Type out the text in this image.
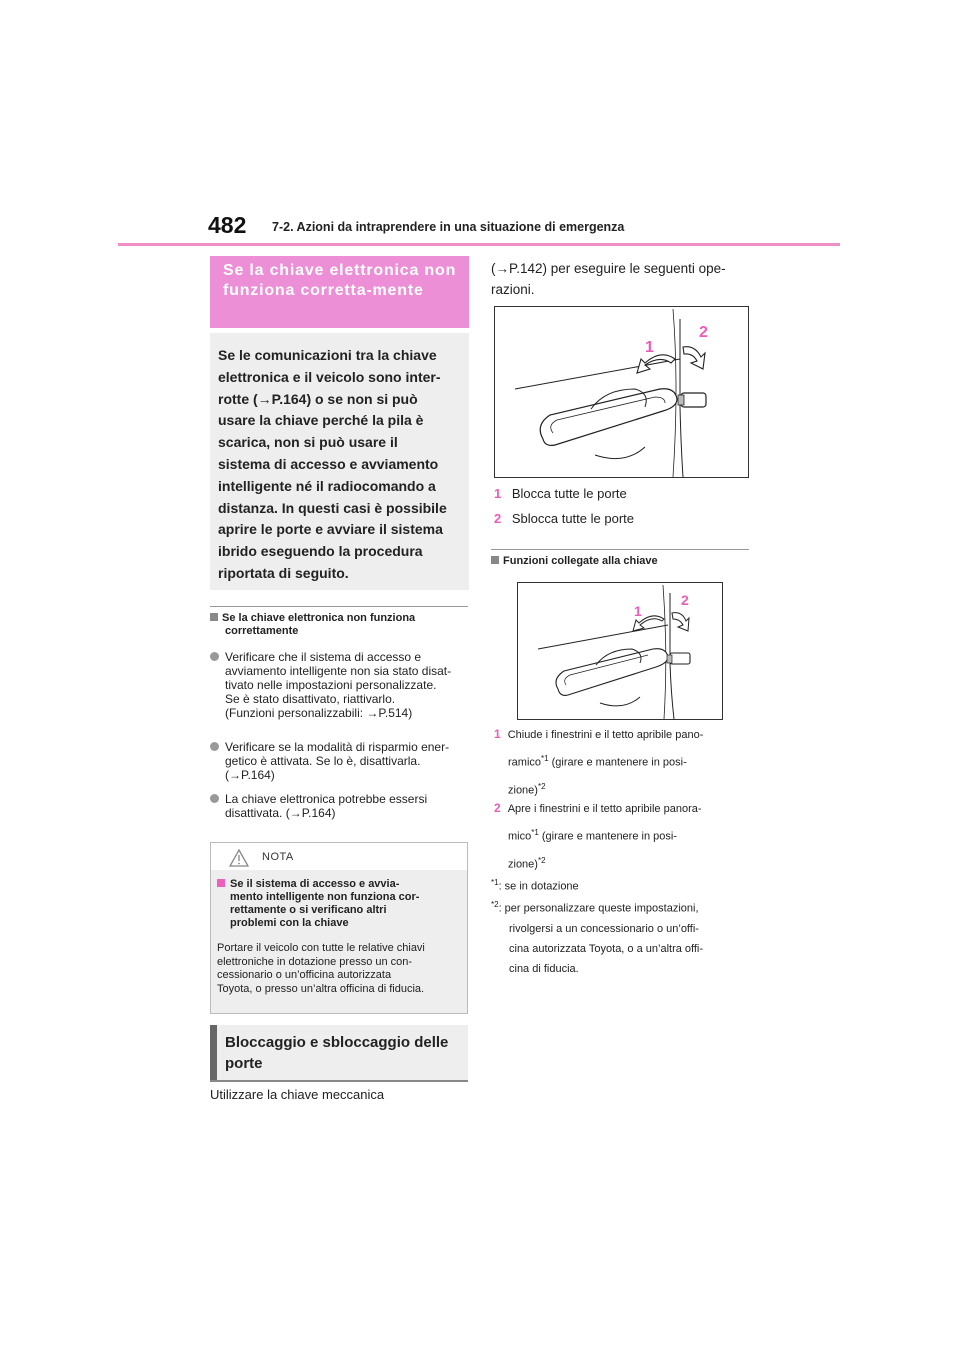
482 7-2. Azioni da intraprendere in una situazione di emergenza
Se la chiave elettronica non funziona corretta-mente
Se le comunicazioni tra la chiave
elettronica e il veicolo sono inter-
rotte (→P.164) o se non si può
usare la chiave perché la pila è
scarica, non si può usare il
sistema di accesso e avviamento
intelligente né il radiocomando a
distanza. In questi casi è possibile
aprire le porte e avviare il sistema
ibrido eseguendo la procedura
riportata di seguito.
Se la chiave elettronica non funziona
correttamente
Verificare che il sistema di accesso e
avviamento intelligente non sia stato disat-
tivato nelle impostazioni personalizzate.
Se è stato disattivato, riattivarlo.
(Funzioni personalizzabili: →P.514)
Verificare se la modalità di risparmio ener-
getico è attivata. Se lo è, disattivarla.
(→P.164)
La chiave elettronica potrebbe essersi
disattivata. (→P.164)
NOTA
Se il sistema di accesso e avvia-
mento intelligente non funziona cor-
rettamente o si verificano altri
problemi con la chiave
Portare il veicolo con tutte le relative chiavi
elettroniche in dotazione presso un con-
cessionario o un’officina autorizzata
Toyota, o presso un’altra officina di fiducia.
Bloccaggio e sbloccaggio delle
porte
Utilizzare la chiave meccanica
(→P.142) per eseguire le seguenti ope-
razioni.
1
2
1 Blocca tutte le porte
2 Sblocca tutte le porte
Funzioni collegate alla chiave
1
2
1 Chiude i finestrini e il tetto apribile pano-
ramico$^{*1}$ (girare e mantenere in posi-
zione)$^{*2}$
2 Apre i finestrini e il tetto apribile panora-
mico$^{*1}$ (girare e mantenere in posi-
zione)$^{*2}$
$^{*1}$: se in dotazione
$^{*2}$: per personalizzare queste impostazioni,
rivolgersi a un concessionario o un’offi-
cina autorizzata Toyota, o a un’altra offi-
cina di fiducia.
